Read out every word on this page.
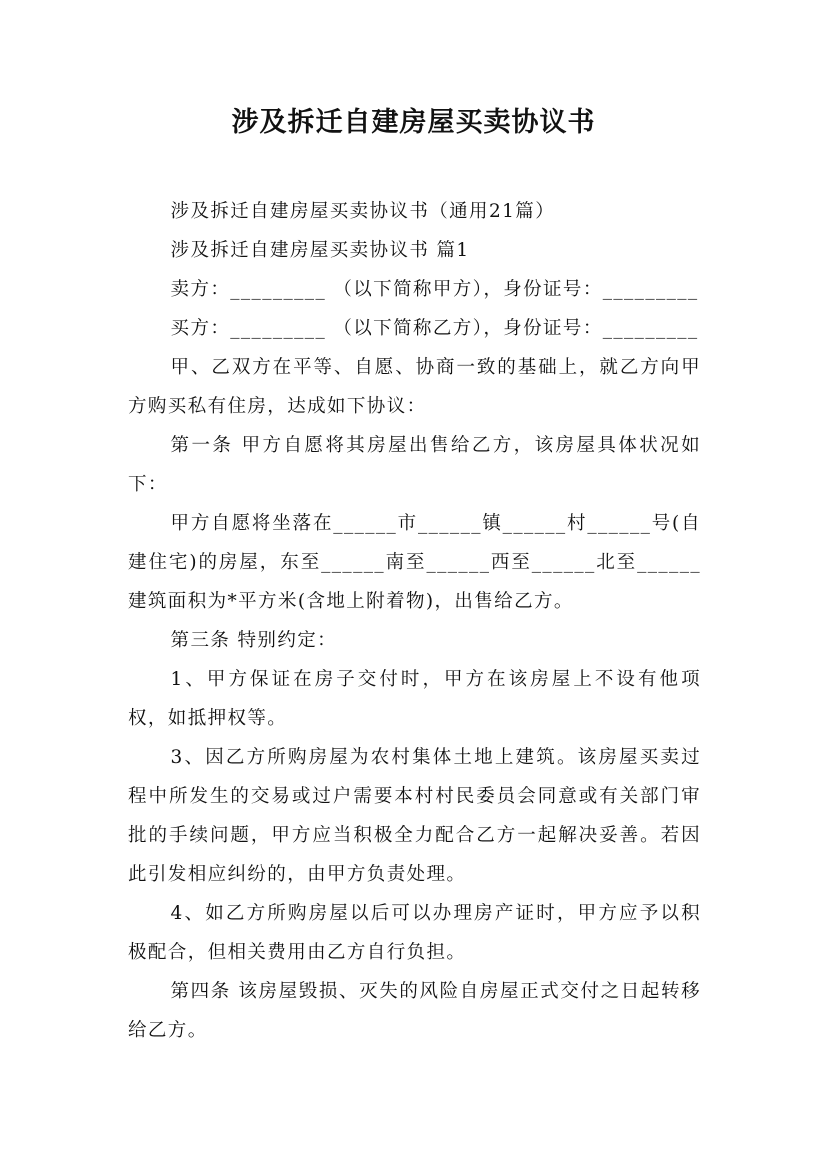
涉及拆迁自建房屋买卖协议书

涉及拆迁自建房屋买卖协议书（通用21篇）

涉及拆迁自建房屋买卖协议书 篇1

卖方：_________ （以下简称甲方），身份证号：_________

买方：_________ （以下简称乙方），身份证号：_________

甲、乙双方在平等、自愿、协商一致的基础上，就乙方向甲方购买私有住房，达成如下协议：

第一条 甲方自愿将其房屋出售给乙方，该房屋具体状况如下：

甲方自愿将坐落在______市______镇______村______号(自建住宅)的房屋，东至______南至______西至______北至______建筑面积为*平方米(含地上附着物)，出售给乙方。

第三条 特别约定：

1、甲方保证在房子交付时，甲方在该房屋上不设有他项权，如抵押权等。

3、因乙方所购房屋为农村集体土地上建筑。该房屋买卖过程中所发生的交易或过户需要本村村民委员会同意或有关部门审批的手续问题，甲方应当积极全力配合乙方一起解决妥善。若因此引发相应纠纷的，由甲方负责处理。

4、如乙方所购房屋以后可以办理房产证时，甲方应予以积极配合，但相关费用由乙方自行负担。

第四条 该房屋毁损、灭失的风险自房屋正式交付之日起转移给乙方。
